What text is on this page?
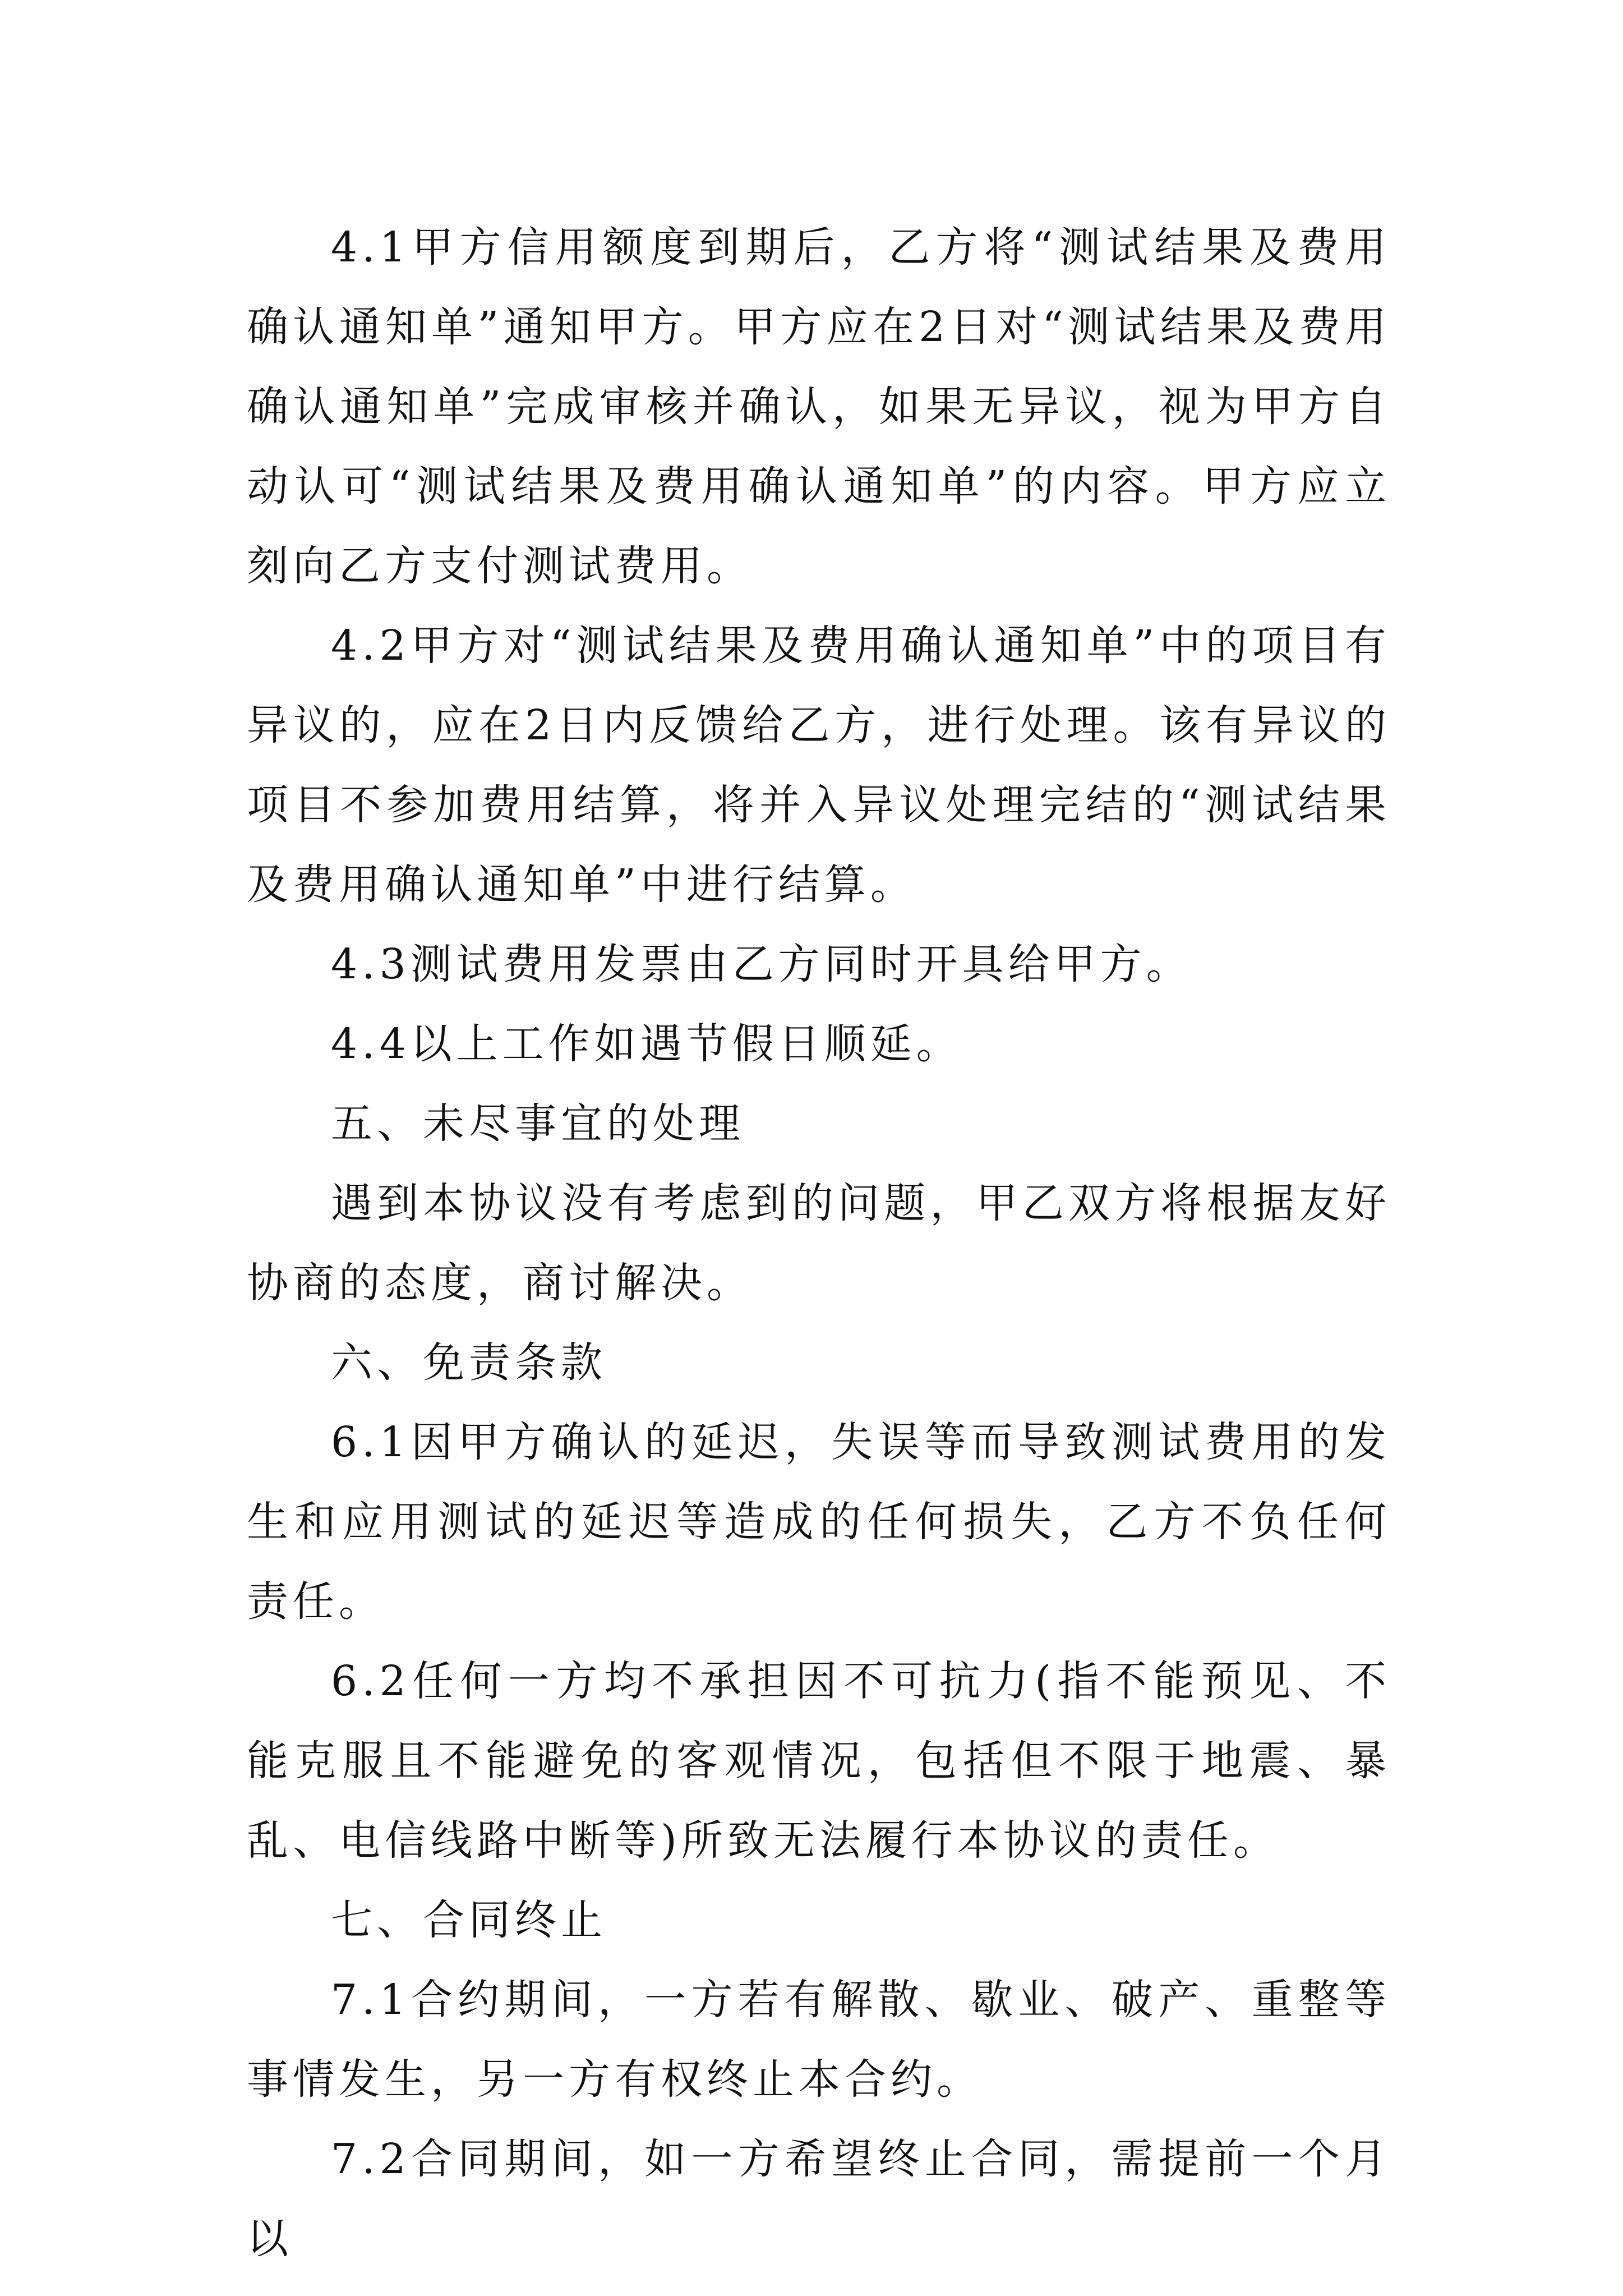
4.1甲方信用额度到期后，乙方将“测试结果及费用确认通知单”通知甲方。甲方应在2日对“测试结果及费用确认通知单”完成审核并确认，如果无异议，视为甲方自动认可“测试结果及费用确认通知单”的内容。甲方应立刻向乙方支付测试费用。

4.2甲方对“测试结果及费用确认通知单”中的项目有异议的，应在2日内反馈给乙方，进行处理。该有异议的项目不参加费用结算，将并入异议处理完结的“测试结果及费用确认通知单”中进行结算。

4.3测试费用发票由乙方同时开具给甲方。

4.4以上工作如遇节假日顺延。

五、未尽事宜的处理

遇到本协议没有考虑到的问题，甲乙双方将根据友好协商的态度，商讨解决。

六、免责条款

6.1因甲方确认的延迟，失误等而导致测试费用的发生和应用测试的延迟等造成的任何损失，乙方不负任何责任。

6.2任何一方均不承担因不可抗力(指不能预见、不能克服且不能避免的客观情况，包括但不限于地震、暴乱、电信线路中断等)所致无法履行本协议的责任。

七、合同终止

7.1合约期间，一方若有解散、歇业、破产、重整等事情发生，另一方有权终止本合约。

7.2合同期间，如一方希望终止合同，需提前一个月以
